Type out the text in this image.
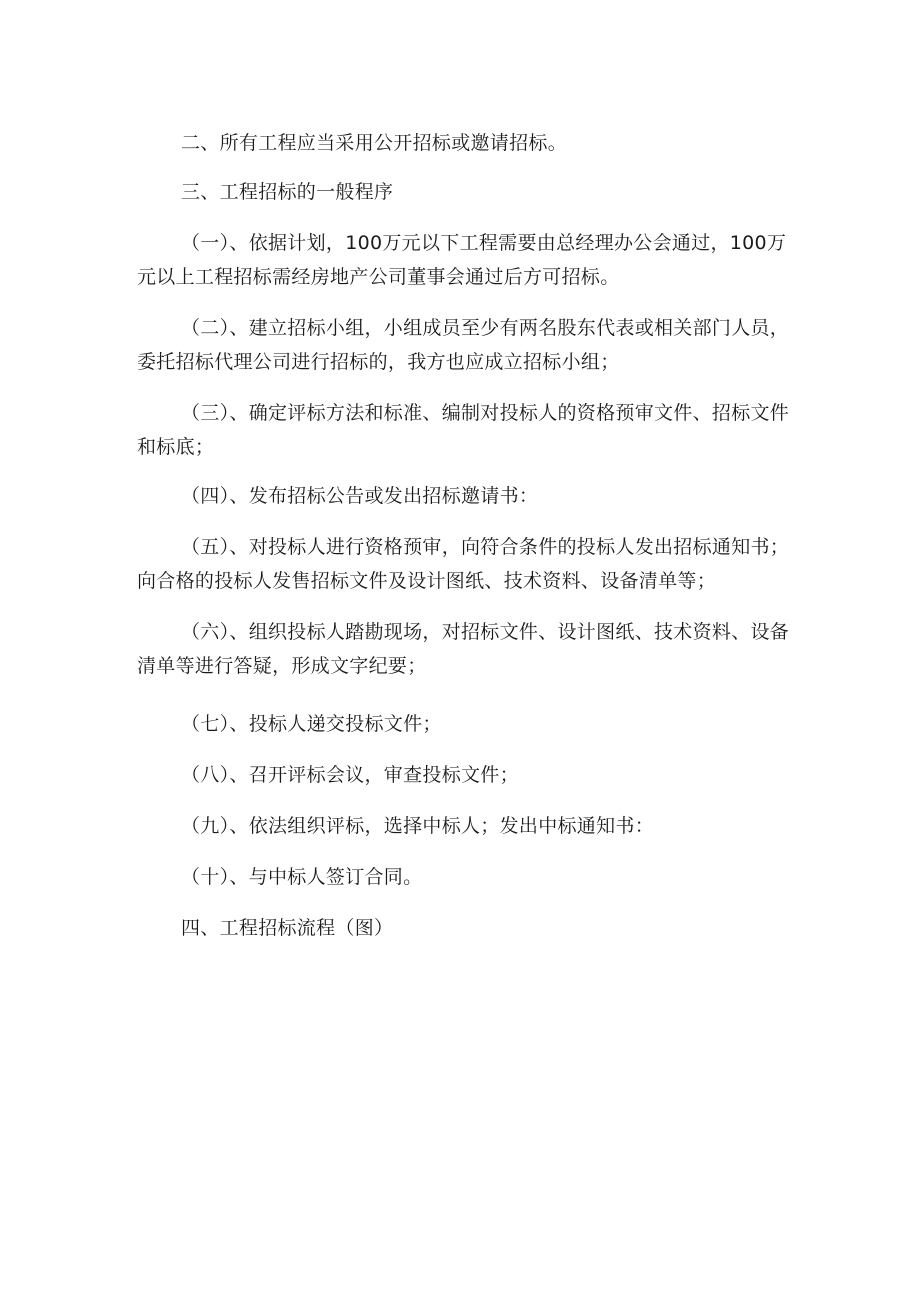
二、所有工程应当采用公开招标或邀请招标。

三、工程招标的一般程序

（一）、依据计划，100万元以下工程需要由总经理办公会通过，100万元以上工程招标需经房地产公司董事会通过后方可招标。

（二）、建立招标小组，小组成员至少有两名股东代表或相关部门人员，委托招标代理公司进行招标的，我方也应成立招标小组；

（三）、确定评标方法和标准、编制对投标人的资格预审文件、招标文件和标底；

（四）、发布招标公告或发出招标邀请书：

（五）、对投标人进行资格预审，向符合条件的投标人发出招标通知书；向合格的投标人发售招标文件及设计图纸、技术资料、设备清单等；

（六）、组织投标人踏勘现场，对招标文件、设计图纸、技术资料、设备清单等进行答疑，形成文字纪要；

（七）、投标人递交投标文件；

（八）、召开评标会议，审查投标文件；

（九）、依法组织评标，选择中标人；发出中标通知书：

（十）、与中标人签订合同。

四、工程招标流程（图）
